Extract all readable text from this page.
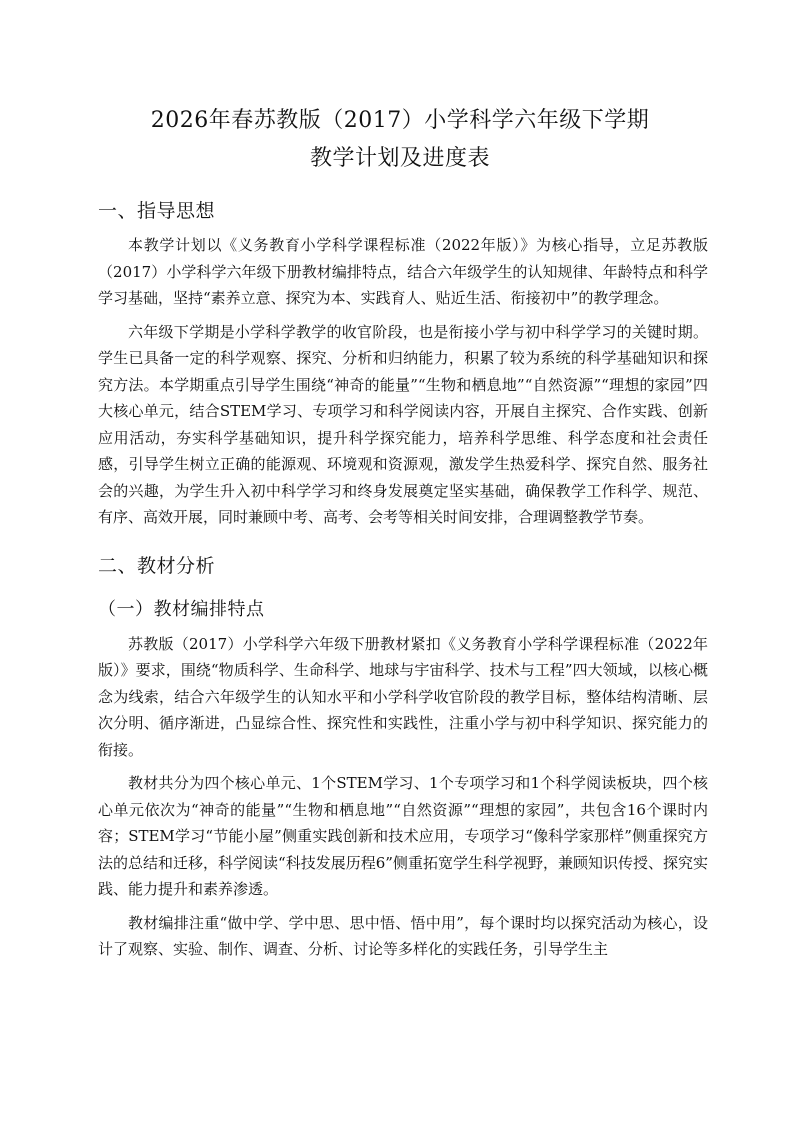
2026年春苏教版（2017）小学科学六年级下学期
教学计划及进度表
一、指导思想

本教学计划以《义务教育小学科学课程标准（2022年版）》为核心指导，立足苏教版（2017）小学科学六年级下册教材编排特点，结合六年级学生的认知规律、年龄特点和科学学习基础，坚持“素养立意、探究为本、实践育人、贴近生活、衔接初中”的教学理念。

六年级下学期是小学科学教学的收官阶段，也是衔接小学与初中科学学习的关键时期。学生已具备一定的科学观察、探究、分析和归纳能力，积累了较为系统的科学基础知识和探究方法。本学期重点引导学生围绕“神奇的能量”“生物和栖息地”“自然资源”“理想的家园”四大核心单元，结合STEM学习、专项学习和科学阅读内容，开展自主探究、合作实践、创新应用活动，夯实科学基础知识，提升科学探究能力，培养科学思维、科学态度和社会责任感，引导学生树立正确的能源观、环境观和资源观，激发学生热爱科学、探究自然、服务社会的兴趣，为学生升入初中科学学习和终身发展奠定坚实基础，确保教学工作科学、规范、有序、高效开展，同时兼顾中考、高考、会考等相关时间安排，合理调整教学节奏。

二、教材分析
（一）教材编排特点

苏教版（2017）小学科学六年级下册教材紧扣《义务教育小学科学课程标准（2022年版）》要求，围绕“物质科学、生命科学、地球与宇宙科学、技术与工程”四大领域，以核心概念为线索，结合六年级学生的认知水平和小学科学收官阶段的教学目标，整体结构清晰、层次分明、循序渐进，凸显综合性、探究性和实践性，注重小学与初中科学知识、探究能力的衔接。

教材共分为四个核心单元、1个STEM学习、1个专项学习和1个科学阅读板块，四个核心单元依次为“神奇的能量”“生物和栖息地”“自然资源”“理想的家园”，共包含16个课时内容；STEM学习“节能小屋”侧重实践创新和技术应用，专项学习“像科学家那样”侧重探究方法的总结和迁移，科学阅读“科技发展历程6”侧重拓宽学生科学视野，兼顾知识传授、探究实践、能力提升和素养渗透。

教材编排注重“做中学、学中思、思中悟、悟中用”，每个课时均以探究活动为核心，设计了观察、实验、制作、调查、分析、讨论等多样化的实践任务，引导学生主
